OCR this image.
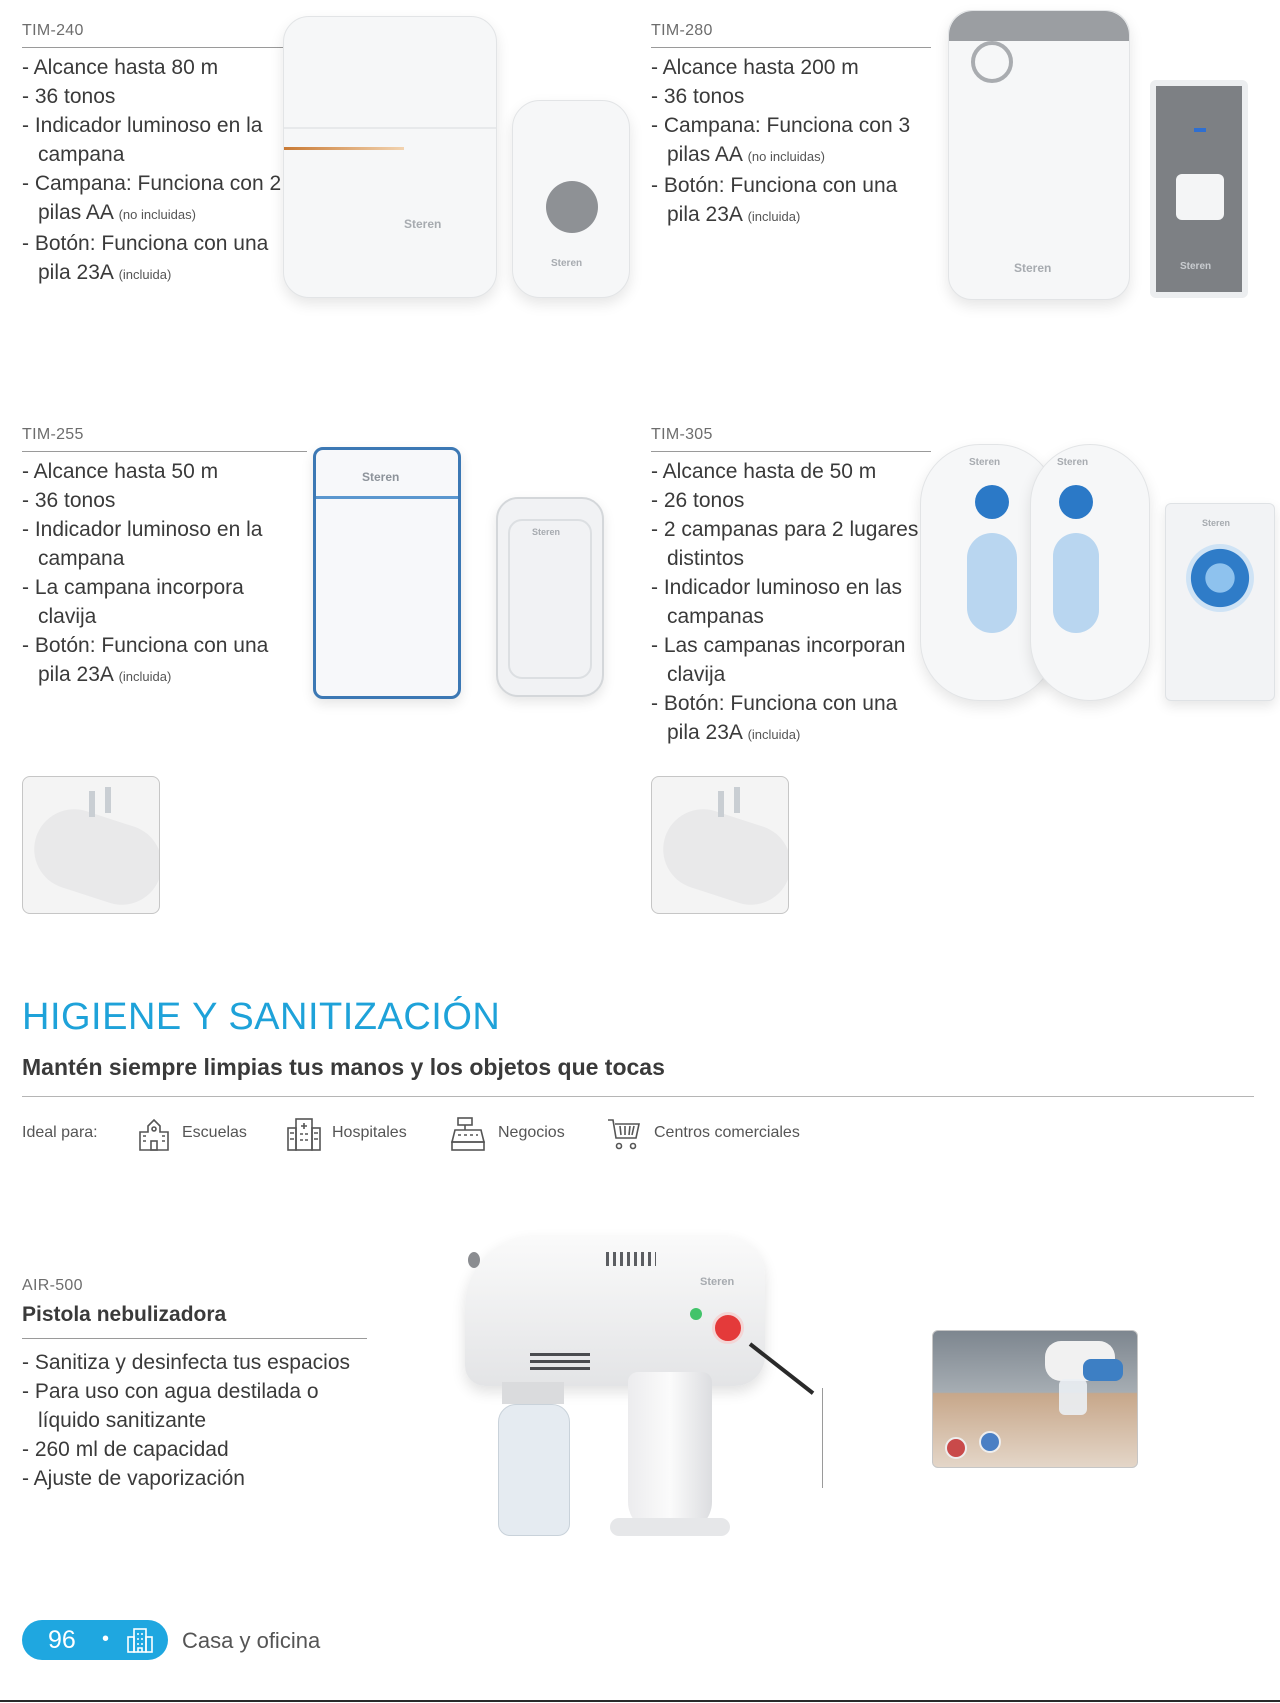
TIM-240
- Alcance hasta 80 m
- 36 tonos
- Indicador luminoso en la campana
- Campana: Funciona con 2 pilas AA (no incluidas)
- Botón: Funciona con una pila 23A (incluida)
Steren
Steren
TIM-280
- Alcance hasta 200 m
- 36 tonos
- Campana: Funciona con 3 pilas AA (no incluidas)
- Botón: Funciona con una pila 23A (incluida)
Steren	Steren
TIM-255
- Alcance hasta 50 m
- 36 tonos
- Indicador luminoso en la campana
- La campana incorpora clavija
- Botón: Funciona con una pila 23A (incluida)
Steren
Steren
TIM-305
- Alcance hasta de 50 m
- 26 tonos
- 2 campanas para 2 lugares distintos
- Indicador luminoso en las campanas
- Las campanas incorporan clavija
- Botón: Funciona con una pila 23A (incluida)
Steren	Steren
Steren
HIGIENE Y SANITIZACIÓN
Mantén siempre limpias tus manos y los objetos que tocas
Ideal para:	Escuelas	Hospitales	Negocios	Centros comerciales
AIR-500
Pistola nebulizadora
- Sanitiza y desinfecta tus espacios
- Para uso con agua destilada o líquido sanitizante
- 260 ml de capacidad
- Ajuste de vaporización
Steren
96 •	Casa y oficina
